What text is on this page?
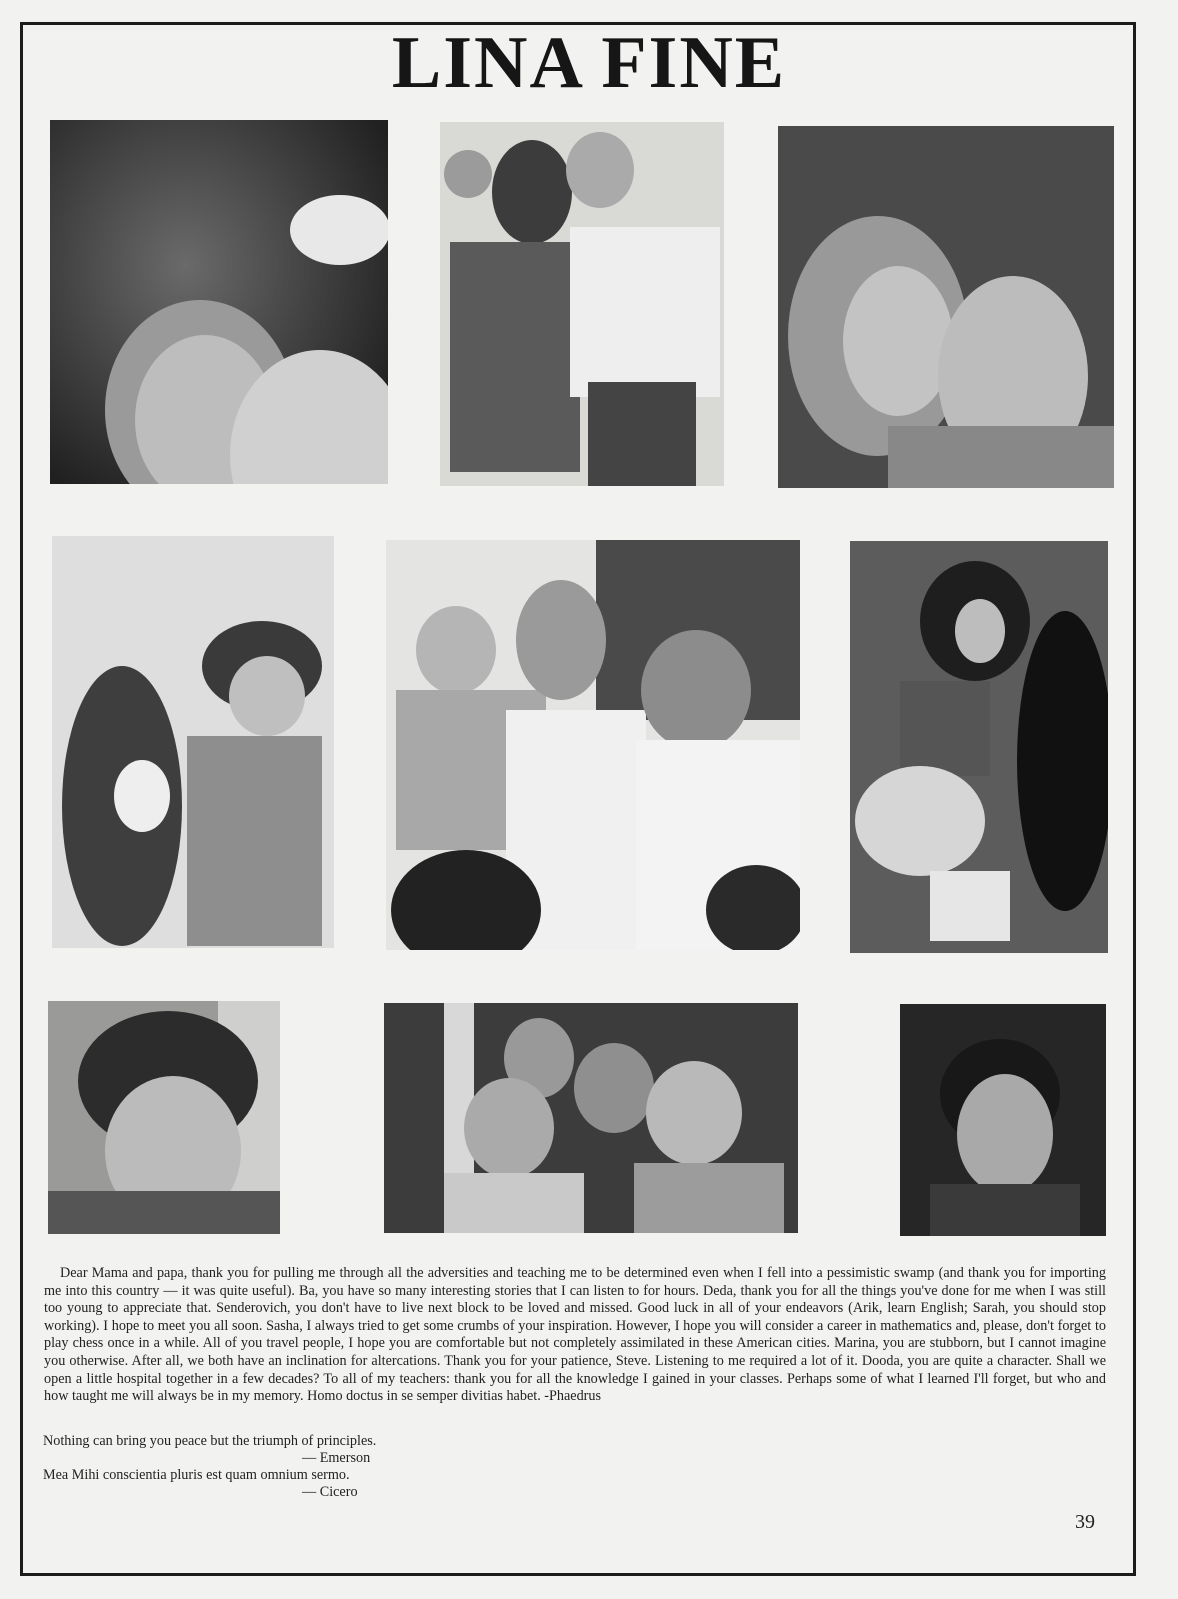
LINA FINE
Dear Mama and papa, thank you for pulling me through all the adversities and teaching me to be determined even when I fell into a pessimistic swamp (and thank you for importing me into this country — it was quite useful). Ba, you have so many interesting stories that I can listen to for hours. Deda, thank you for all the things you've done for me when I was still too young to appreciate that. Senderovich, you don't have to live next block to be loved and missed. Good luck in all of your endeavors (Arik, learn English; Sarah, you should stop working). I hope to meet you all soon. Sasha, I always tried to get some crumbs of your inspiration. However, I hope you will consider a career in mathematics and, please, don't forget to play chess once in a while. All of you travel people, I hope you are comfortable but not completely assimilated in these American cities. Marina, you are stubborn, but I cannot imagine you otherwise. After all, we both have an inclination for altercations. Thank you for your patience, Steve. Listening to me required a lot of it. Dooda, you are quite a character. Shall we open a little hospital together in a few decades? To all of my teachers: thank you for all the knowledge I gained in your classes. Perhaps some of what I learned I'll forget, but who and how taught me will always be in my memory. Homo doctus in se semper divitias habet. -Phaedrus
Nothing can bring you peace but the triumph of principles.
— Emerson
Mea Mihi conscientia pluris est quam omnium sermo.
— Cicero
39
